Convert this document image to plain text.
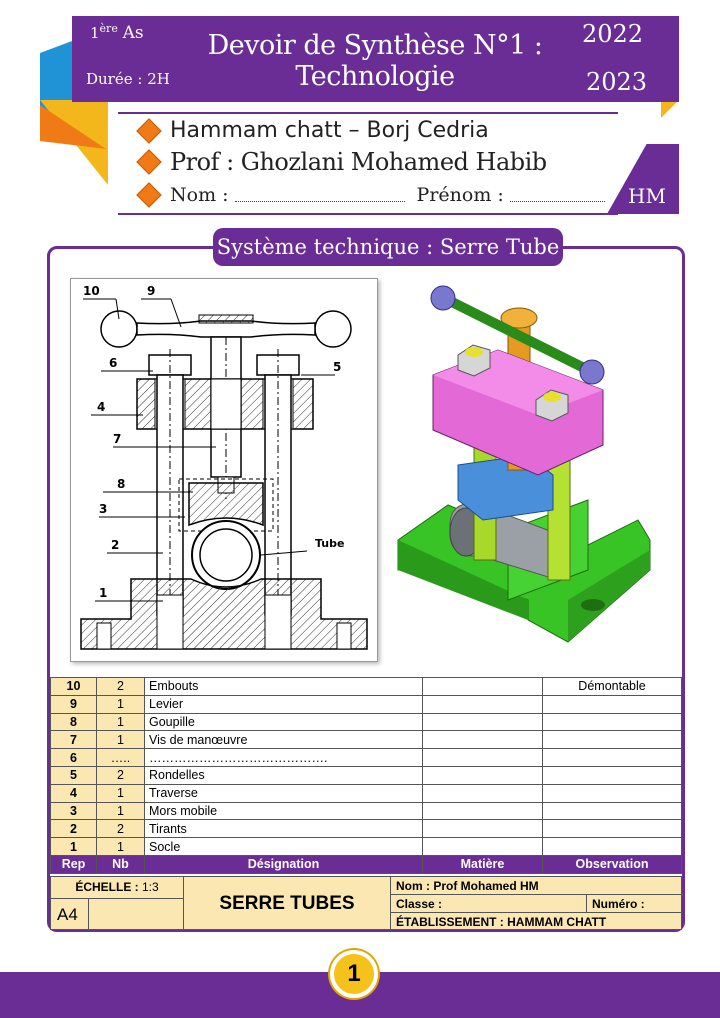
1ère As
Durée : 2H
Devoir de Synthèse N°1 : Technologie
2022
2023
Hammam chatt – Borj Cedria
Prof : Ghozlani Mohamed Habib
Nom :	Prénom :	HM
Système technique : Serre Tube
10	9
6	5
4
7
8
3
2
1
Tube
10	2	Embouts		Démontable
9	1	Levier		
8	1	Goupille		
7	1	Vis de manœuvre		
6	…..	…………………………………….		
5	2	Rondelles		
4	1	Traverse		
3	1	Mors mobile		
2	2	Tirants		
1	1	Socle		
Rep	Nb	Désignation	Matière	Observation
ÉCHELLE : 1:3
A4
SERRE TUBES
Nom : Prof Mohamed HM
Classe :	Numéro :
ÉTABLISSEMENT : HAMMAM CHATT
1
